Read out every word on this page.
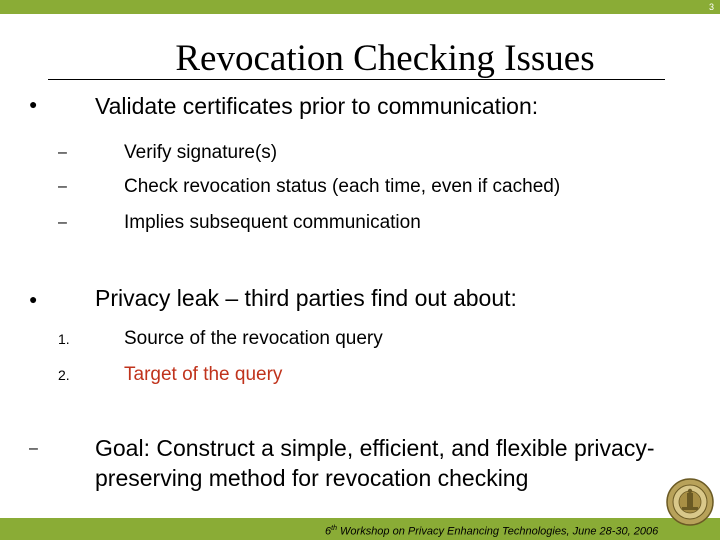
3
Revocation Checking Issues
●	Validate certificates prior to communication:
–	Verify signature(s)
–	Check revocation status (each time, even if cached)
–	Implies subsequent communication
●	Privacy leak – third parties find out about:
1.	Source of the revocation query
2.	Target of the query
– Goal: Construct a simple, efficient, and flexible privacy-preserving method for revocation checking
6th Workshop on Privacy Enhancing Technologies, June 28-30, 2006
